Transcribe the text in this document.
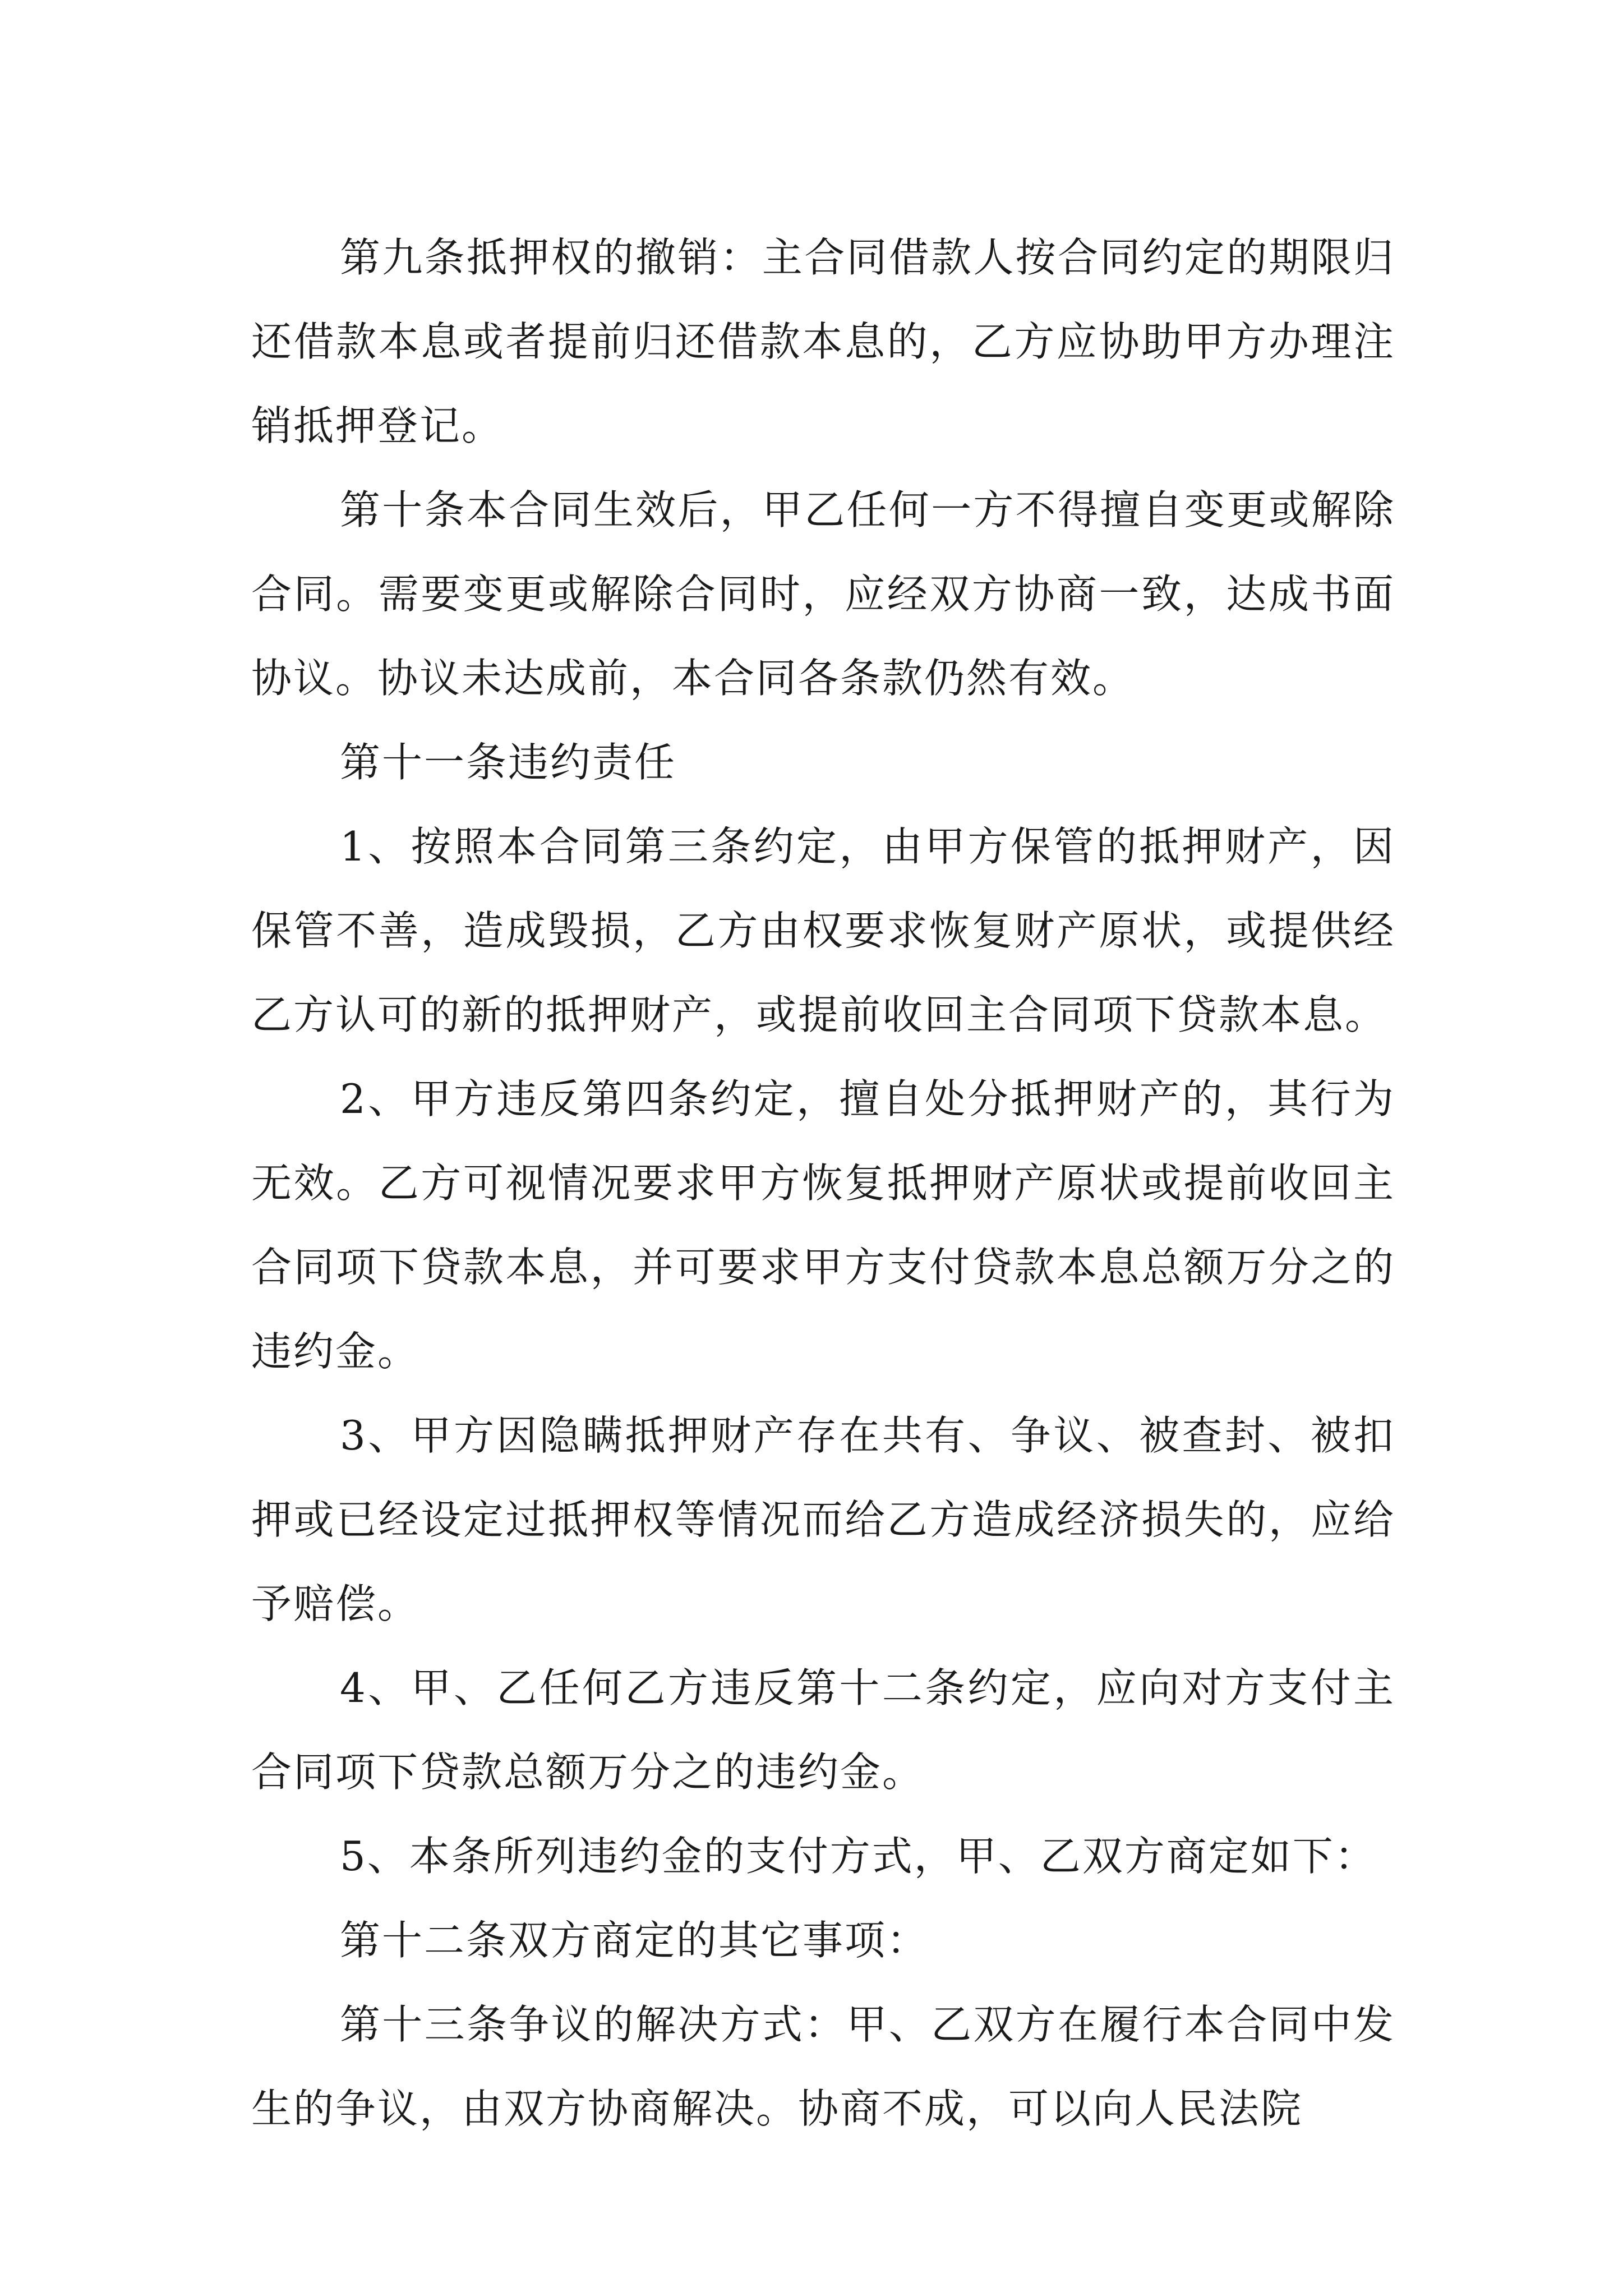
第九条抵押权的撤销：主合同借款人按合同约定的期限归还借款本息或者提前归还借款本息的，乙方应协助甲方办理注销抵押登记。

第十条本合同生效后，甲乙任何一方不得擅自变更或解除合同。需要变更或解除合同时，应经双方协商一致，达成书面协议。协议未达成前，本合同各条款仍然有效。

第十一条违约责任

1、按照本合同第三条约定，由甲方保管的抵押财产，因保管不善，造成毁损，乙方由权要求恢复财产原状，或提供经乙方认可的新的抵押财产，或提前收回主合同项下贷款本息。

2、甲方违反第四条约定，擅自处分抵押财产的，其行为无效。乙方可视情况要求甲方恢复抵押财产原状或提前收回主合同项下贷款本息，并可要求甲方支付贷款本息总额万分之的违约金。

3、甲方因隐瞒抵押财产存在共有、争议、被查封、被扣押或已经设定过抵押权等情况而给乙方造成经济损失的，应给予赔偿。

4、甲、乙任何乙方违反第十二条约定，应向对方支付主合同项下贷款总额万分之的违约金。

5、本条所列违约金的支付方式，甲、乙双方商定如下：

第十二条双方商定的其它事项：

第十三条争议的解决方式：甲、乙双方在履行本合同中发生的争议，由双方协商解决。协商不成，可以向人民法院
